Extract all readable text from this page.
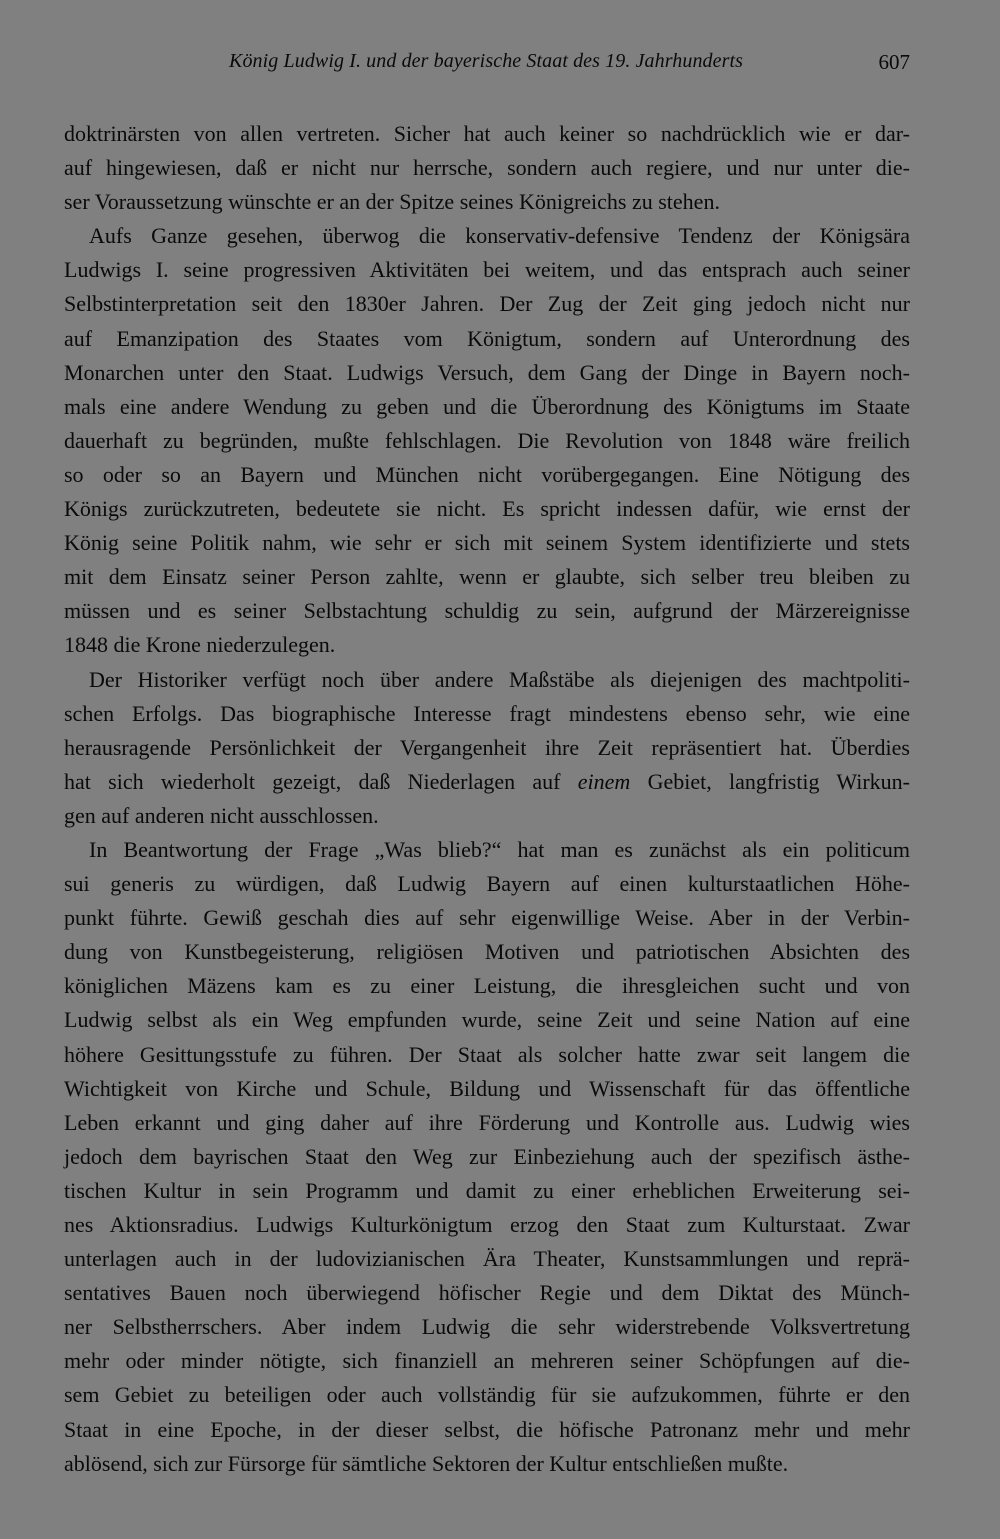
König Ludwig I. und der bayerische Staat des 19. Jahrhunderts	607
doktrinärsten von allen vertreten. Sicher hat auch keiner so nachdrücklich wie er dar-
auf hingewiesen, daß er nicht nur herrsche, sondern auch regiere, und nur unter die-
ser Voraussetzung wünschte er an der Spitze seines Königreichs zu stehen.
Aufs Ganze gesehen, überwog die konservativ-defensive Tendenz der Königsära
Ludwigs I. seine progressiven Aktivitäten bei weitem, und das entsprach auch seiner
Selbstinterpretation seit den 1830er Jahren. Der Zug der Zeit ging jedoch nicht nur
auf Emanzipation des Staates vom Königtum, sondern auf Unterordnung des
Monarchen unter den Staat. Ludwigs Versuch, dem Gang der Dinge in Bayern noch-
mals eine andere Wendung zu geben und die Überordnung des Königtums im Staate
dauerhaft zu begründen, mußte fehlschlagen. Die Revolution von 1848 wäre freilich
so oder so an Bayern und München nicht vorübergegangen. Eine Nötigung des
Königs zurückzutreten, bedeutete sie nicht. Es spricht indessen dafür, wie ernst der
König seine Politik nahm, wie sehr er sich mit seinem System identifizierte und stets
mit dem Einsatz seiner Person zahlte, wenn er glaubte, sich selber treu bleiben zu
müssen und es seiner Selbstachtung schuldig zu sein, aufgrund der Märzereignisse
1848 die Krone niederzulegen.
Der Historiker verfügt noch über andere Maßstäbe als diejenigen des machtpoliti-
schen Erfolgs. Das biographische Interesse fragt mindestens ebenso sehr, wie eine
herausragende Persönlichkeit der Vergangenheit ihre Zeit repräsentiert hat. Überdies
hat sich wiederholt gezeigt, daß Niederlagen auf einem Gebiet, langfristig Wirkun-
gen auf anderen nicht ausschlossen.
In Beantwortung der Frage „Was blieb?“ hat man es zunächst als ein politicum
sui generis zu würdigen, daß Ludwig Bayern auf einen kulturstaatlichen Höhe-
punkt führte. Gewiß geschah dies auf sehr eigenwillige Weise. Aber in der Verbin-
dung von Kunstbegeisterung, religiösen Motiven und patriotischen Absichten des
königlichen Mäzens kam es zu einer Leistung, die ihresgleichen sucht und von
Ludwig selbst als ein Weg empfunden wurde, seine Zeit und seine Nation auf eine
höhere Gesittungsstufe zu führen. Der Staat als solcher hatte zwar seit langem die
Wichtigkeit von Kirche und Schule, Bildung und Wissenschaft für das öffentliche
Leben erkannt und ging daher auf ihre Förderung und Kontrolle aus. Ludwig wies
jedoch dem bayrischen Staat den Weg zur Einbeziehung auch der spezifisch ästhe-
tischen Kultur in sein Programm und damit zu einer erheblichen Erweiterung sei-
nes Aktionsradius. Ludwigs Kulturkönigtum erzog den Staat zum Kulturstaat. Zwar
unterlagen auch in der ludovizianischen Ära Theater, Kunstsammlungen und reprä-
sentatives Bauen noch überwiegend höfischer Regie und dem Diktat des Münch-
ner Selbstherrschers. Aber indem Ludwig die sehr widerstrebende Volksvertretung
mehr oder minder nötigte, sich finanziell an mehreren seiner Schöpfungen auf die-
sem Gebiet zu beteiligen oder auch vollständig für sie aufzukommen, führte er den
Staat in eine Epoche, in der dieser selbst, die höfische Patronanz mehr und mehr
ablösend, sich zur Fürsorge für sämtliche Sektoren der Kultur entschließen mußte.
